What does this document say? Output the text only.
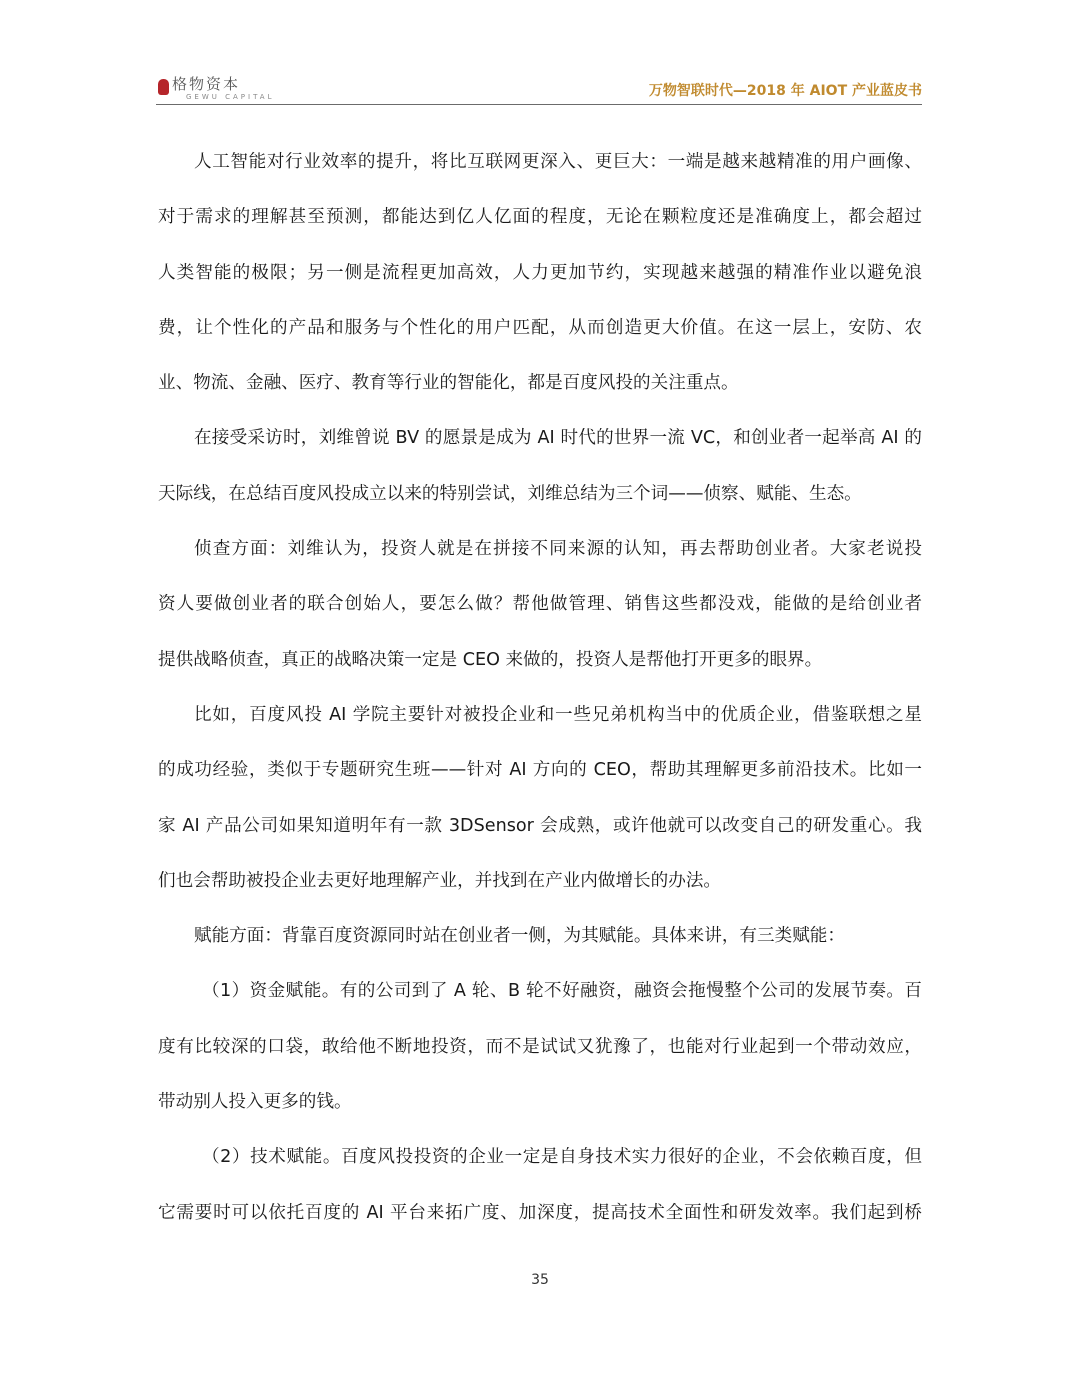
格物资本
GEWU CAPITAL	万物智联时代—2018 年 AIOT 产业蓝皮书
人工智能对行业效率的提升，将比互联网更深入、更巨大：一端是越来越精准的用户画像、
对于需求的理解甚至预测，都能达到亿人亿面的程度，无论在颗粒度还是准确度上，都会超过
人类智能的极限；另一侧是流程更加高效，人力更加节约，实现越来越强的精准作业以避免浪
费，让个性化的产品和服务与个性化的用户匹配，从而创造更大价值。在这一层上，安防、农
业、物流、金融、医疗、教育等行业的智能化，都是百度风投的关注重点。
在接受采访时，刘维曾说 BV 的愿景是成为 AI 时代的世界一流 VC，和创业者一起举高 AI 的
天际线，在总结百度风投成立以来的特别尝试，刘维总结为三个词——侦察、赋能、生态。
侦查方面：刘维认为，投资人就是在拼接不同来源的认知，再去帮助创业者。大家老说投
资人要做创业者的联合创始人，要怎么做？帮他做管理、销售这些都没戏，能做的是给创业者
提供战略侦查，真正的战略决策一定是 CEO 来做的，投资人是帮他打开更多的眼界。
比如，百度风投 AI 学院主要针对被投企业和一些兄弟机构当中的优质企业，借鉴联想之星
的成功经验，类似于专题研究生班——针对 AI 方向的 CEO，帮助其理解更多前沿技术。比如一
家 AI 产品公司如果知道明年有一款 3DSensor 会成熟，或许他就可以改变自己的研发重心。我
们也会帮助被投企业去更好地理解产业，并找到在产业内做增长的办法。
赋能方面：背靠百度资源同时站在创业者一侧，为其赋能。具体来讲，有三类赋能：
（1）资金赋能。有的公司到了 A 轮、B 轮不好融资，融资会拖慢整个公司的发展节奏。百
度有比较深的口袋，敢给他不断地投资，而不是试试又犹豫了，也能对行业起到一个带动效应，
带动别人投入更多的钱。
（2）技术赋能。百度风投投资的企业一定是自身技术实力很好的企业，不会依赖百度，但
它需要时可以依托百度的 AI 平台来拓广度、加深度，提高技术全面性和研发效率。我们起到桥
35
